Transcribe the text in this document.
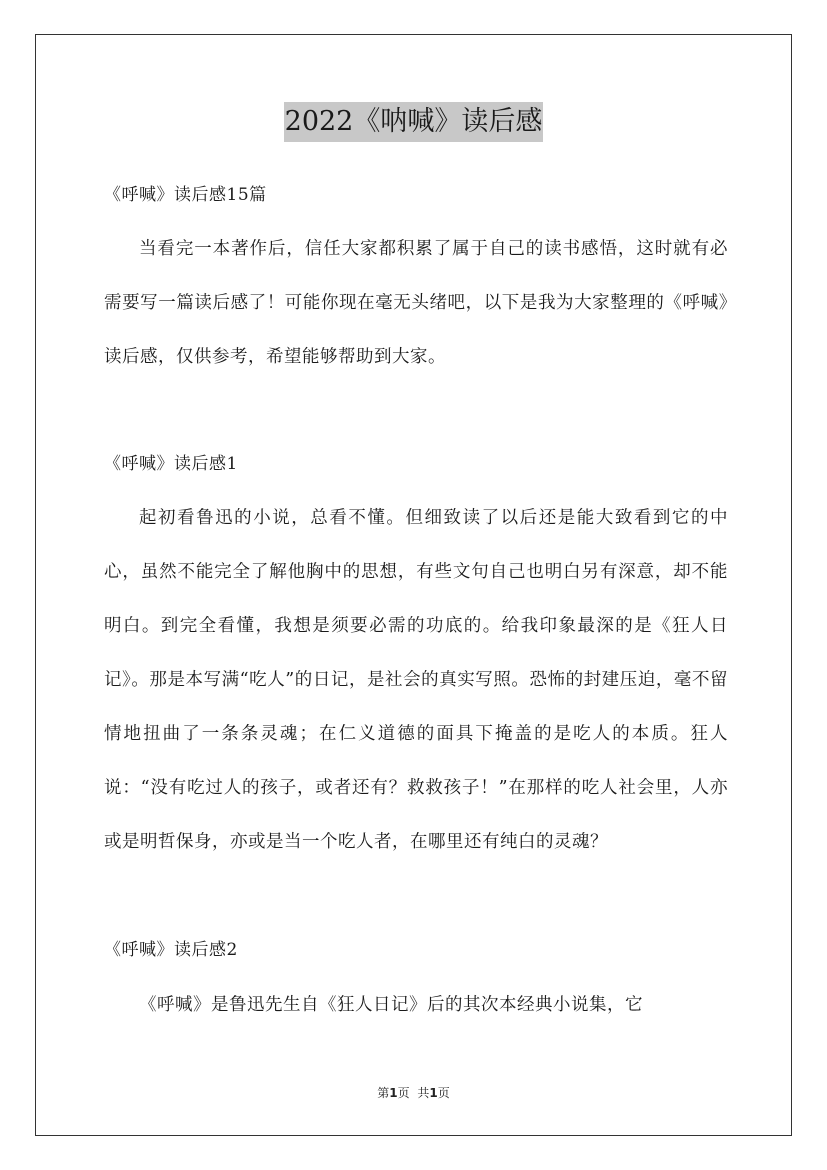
2022《呐喊》读后感
《呼喊》读后感15篇
当看完一本著作后，信任大家都积累了属于自己的读书感悟，这时就有必需要写一篇读后感了！可能你现在毫无头绪吧，以下是我为大家整理的《呼喊》读后感，仅供参考，希望能够帮助到大家。
《呼喊》读后感1
起初看鲁迅的小说，总看不懂。但细致读了以后还是能大致看到它的中心，虽然不能完全了解他胸中的思想，有些文句自己也明白另有深意，却不能明白。到完全看懂，我想是须要必需的功底的。给我印象最深的是《狂人日记》。那是本写满“吃人”的日记，是社会的真实写照。恐怖的封建压迫，毫不留情地扭曲了一条条灵魂；在仁义道德的面具下掩盖的是吃人的本质。狂人说：“没有吃过人的孩子，或者还有？救救孩子！”在那样的吃人社会里，人亦或是明哲保身，亦或是当一个吃人者，在哪里还有纯白的灵魂？
《呼喊》读后感2
《呼喊》是鲁迅先生自《狂人日记》后的其次本经典小说集，它
第1页 共1页
